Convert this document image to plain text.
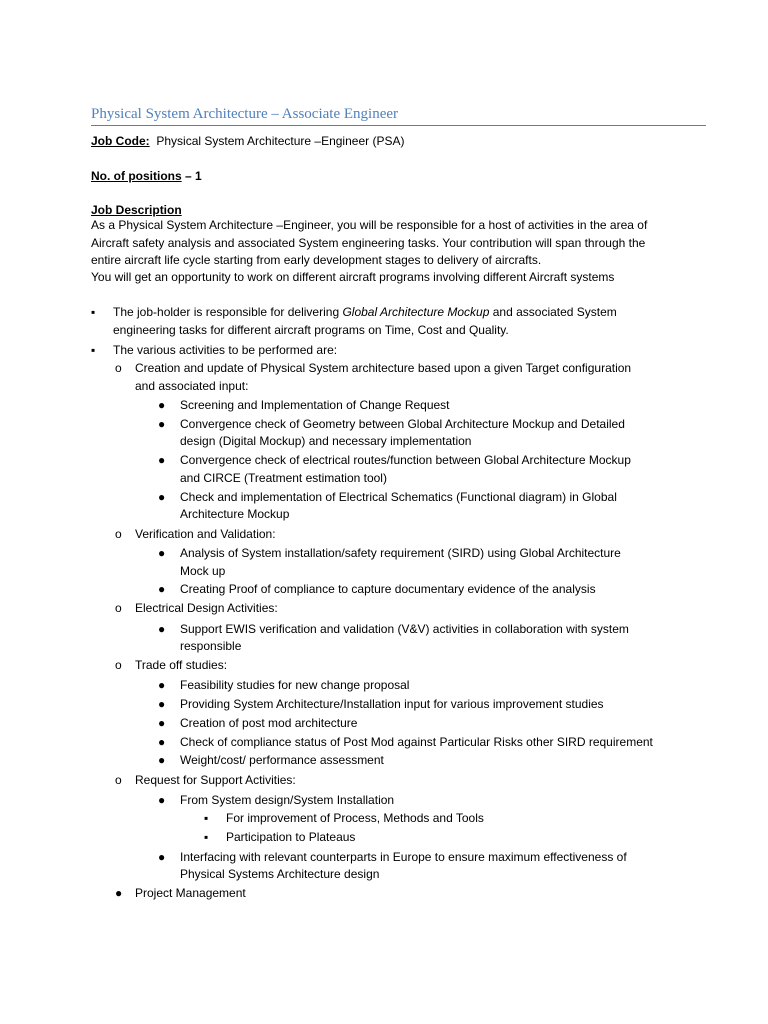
Physical System Architecture – Associate Engineer
Job Code: Physical System Architecture –Engineer (PSA)
No. of positions – 1
Job Description
As a Physical System Architecture –Engineer, you will be responsible for a host of activities in the area of
Aircraft safety analysis and associated System engineering tasks. Your contribution will span through the
entire aircraft life cycle starting from early development stages to delivery of aircrafts.
You will get an opportunity to work on different aircraft programs involving different Aircraft systems
▪ The job-holder is responsible for delivering Global Architecture Mockup and associated System
engineering tasks for different aircraft programs on Time, Cost and Quality.
▪ The various activities to be performed are:
o Creation and update of Physical System architecture based upon a given Target configuration
and associated input:
● Screening and Implementation of Change Request
● Convergence check of Geometry between Global Architecture Mockup and Detailed
design (Digital Mockup) and necessary implementation
● Convergence check of electrical routes/function between Global Architecture Mockup
and CIRCE (Treatment estimation tool)
● Check and implementation of Electrical Schematics (Functional diagram) in Global
Architecture Mockup
o Verification and Validation:
● Analysis of System installation/safety requirement (SIRD) using Global Architecture
Mock up
● Creating Proof of compliance to capture documentary evidence of the analysis
o Electrical Design Activities:
● Support EWIS verification and validation (V&V) activities in collaboration with system
responsible
o Trade off studies:
● Feasibility studies for new change proposal
● Providing System Architecture/Installation input for various improvement studies
● Creation of post mod architecture
● Check of compliance status of Post Mod against Particular Risks other SIRD requirement
● Weight/cost/ performance assessment
o Request for Support Activities:
● From System design/System Installation
▪ For improvement of Process, Methods and Tools
▪ Participation to Plateaus
● Interfacing with relevant counterparts in Europe to ensure maximum effectiveness of
Physical Systems Architecture design
● Project Management
